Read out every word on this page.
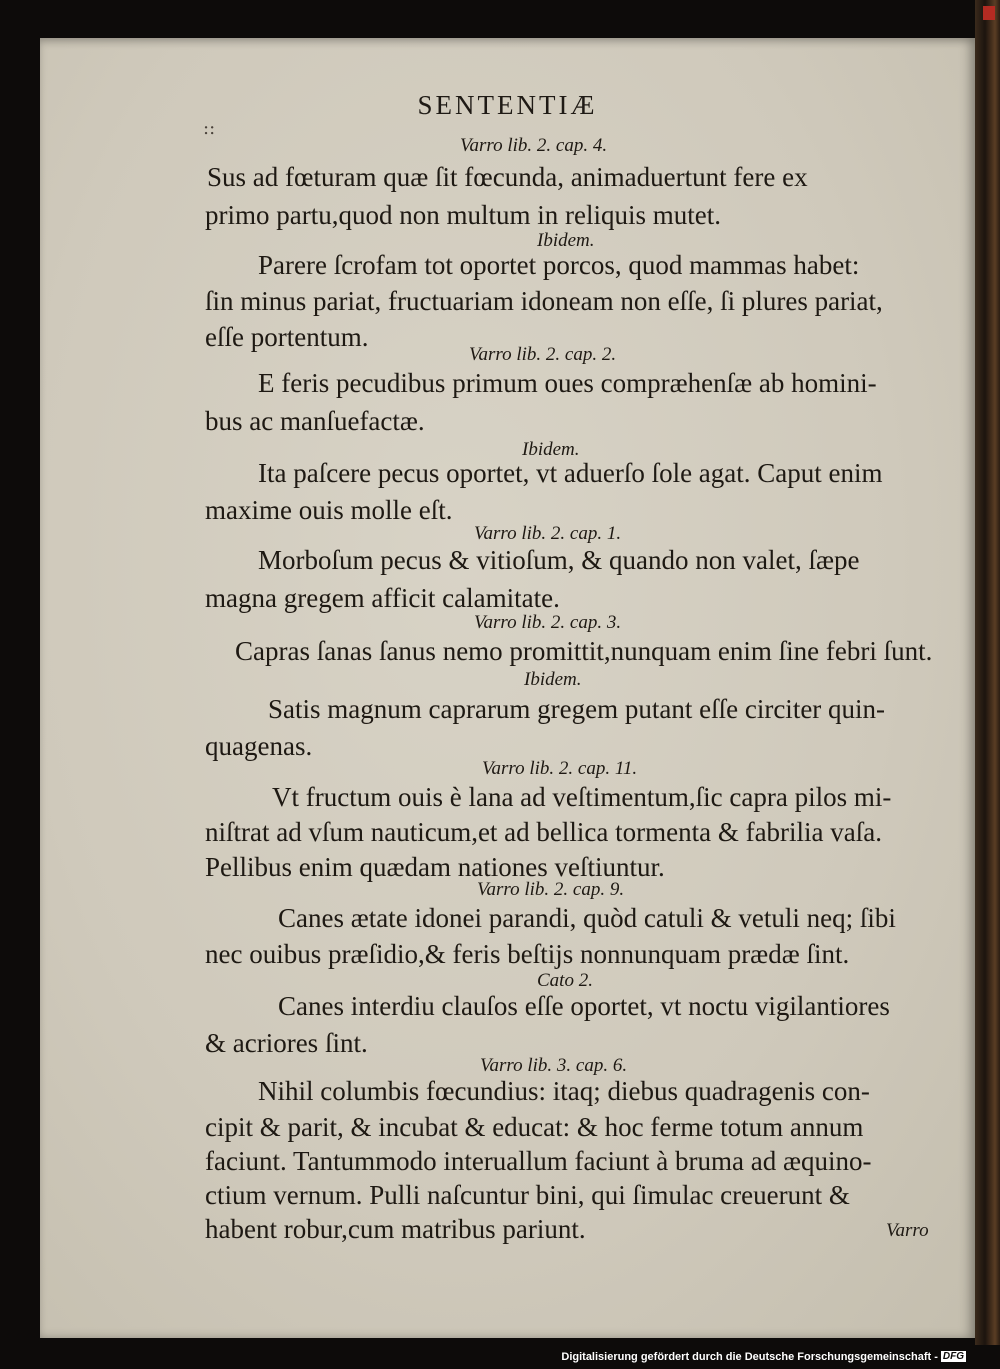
SENTENTIÆ
::
Varro lib. 2. cap. 4.
Sus ad fœturam quæ ſit fœcunda, animaduertunt fere ex
primo partu,quod non multum in reliquis mutet.
Ibidem.
Parere ſcrofam tot oportet porcos, quod mammas habet:
ſin minus pariat, fructuariam idoneam non eſſe, ſi plures pariat,
eſſe portentum.
Varro lib. 2. cap. 2.
E feris pecudibus primum oues compræhenſæ ab homini-
bus ac manſuefactæ.
Ibidem.
Ita paſcere pecus oportet, vt aduerſo ſole agat. Caput enim
maxime ouis molle eſt.
Varro lib. 2. cap. 1.
Morboſum pecus & vitioſum, & quando non valet, ſæpe
magna gregem afficit calamitate.
Varro lib. 2. cap. 3.
Capras ſanas ſanus nemo promittit,nunquam enim ſine febri ſunt.
Ibidem.
Satis magnum caprarum gregem putant eſſe circiter quin-
quagenas.
Varro lib. 2. cap. 11.
Vt fructum ouis è lana ad veſtimentum,ſic capra pilos mi-
niſtrat ad vſum nauticum,et ad bellica tormenta & fabrilia vaſa.
Pellibus enim quædam nationes veſtiuntur.
Varro lib. 2. cap. 9.
Canes ætate idonei parandi, quòd catuli & vetuli neq; ſibi
nec ouibus præſidio,& feris beſtijs nonnunquam prædæ ſint.
Cato 2.
Canes interdiu clauſos eſſe oportet, vt noctu vigilantiores
& acriores ſint.
Varro lib. 3. cap. 6.
Nihil columbis fœcundius: itaq; diebus quadragenis con-
cipit & parit, & incubat & educat: & hoc ferme totum annum
faciunt. Tantummodo interuallum faciunt à bruma ad æquino-
ctium vernum. Pulli naſcuntur bini, qui ſimulac creuerunt &
habent robur,cum matribus pariunt.	Varro
Digitalisierung gefördert durch die Deutsche Forschungsgemeinschaft - DFG
